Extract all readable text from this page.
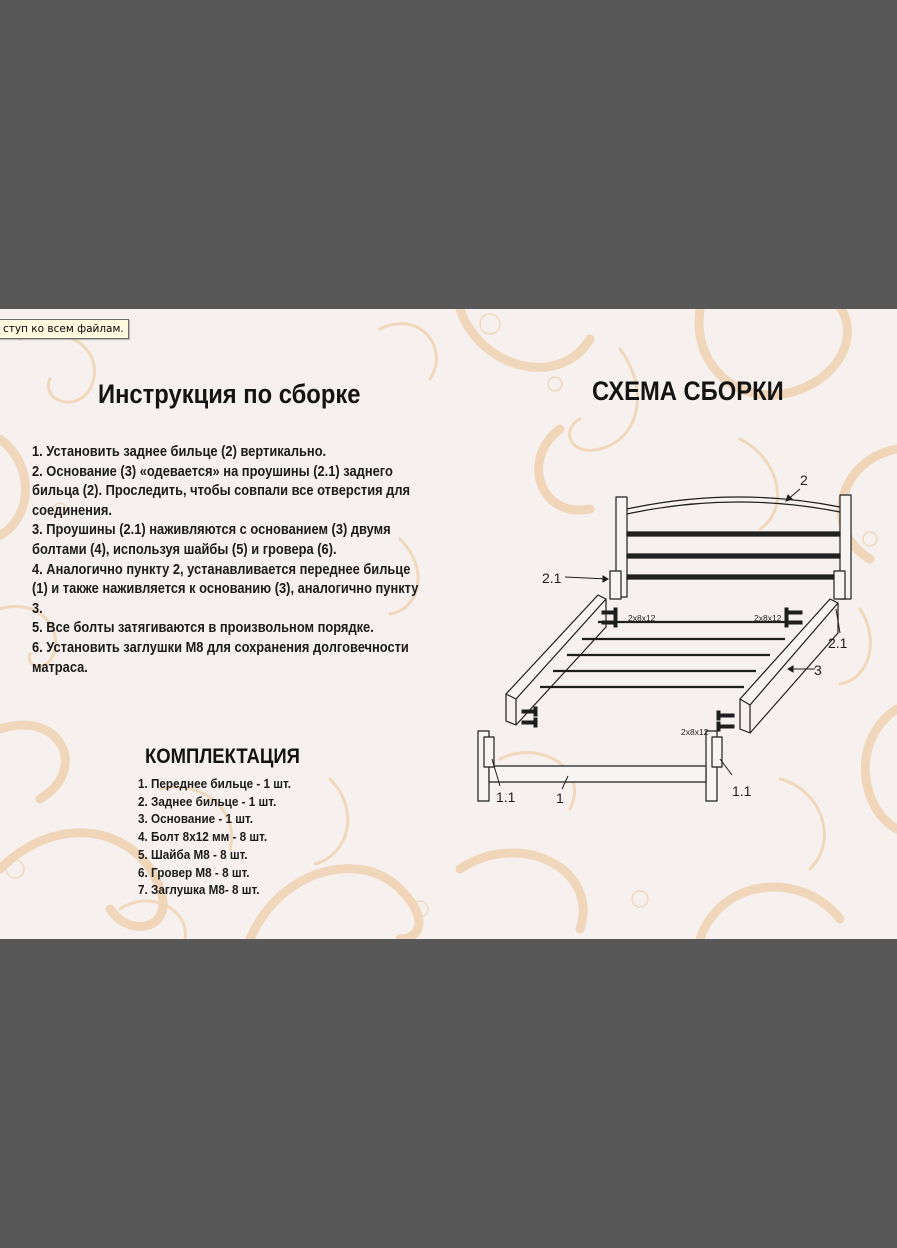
ступ ко всем файлам.
Инструкция по сборке
1. Установить заднее бильце (2) вертикально.
2. Основание (3) «одевается» на проушины (2.1) заднего бильца (2). Проследить, чтобы совпали все отверстия для соединения.
3. Проушины (2.1) наживляются с основанием (3) двумя болтами (4), используя шайбы (5) и гровера (6).
4. Аналогично пункту 2, устанавливается переднее бильце (1) и также наживляется к основанию (3), аналогично пункту 3.
5. Все болты затягиваются в произвольном порядке.
6. Установить заглушки М8 для сохранения долговечности матраса.
КОМПЛЕКТАЦИЯ
1. Переднее бильце - 1 шт.
2. Заднее бильце - 1 шт.
3. Основание - 1 шт.
4. Болт 8х12 мм - 8 шт.
5. Шайба М8 - 8 шт.
6. Гровер М8 - 8 шт.
7. Заглушка М8- 8 шт.
СХЕМА СБОРКИ
2
2.1
2.1
3
1
1.1	1.1
2x8x12	2x8x12
2x8x12
